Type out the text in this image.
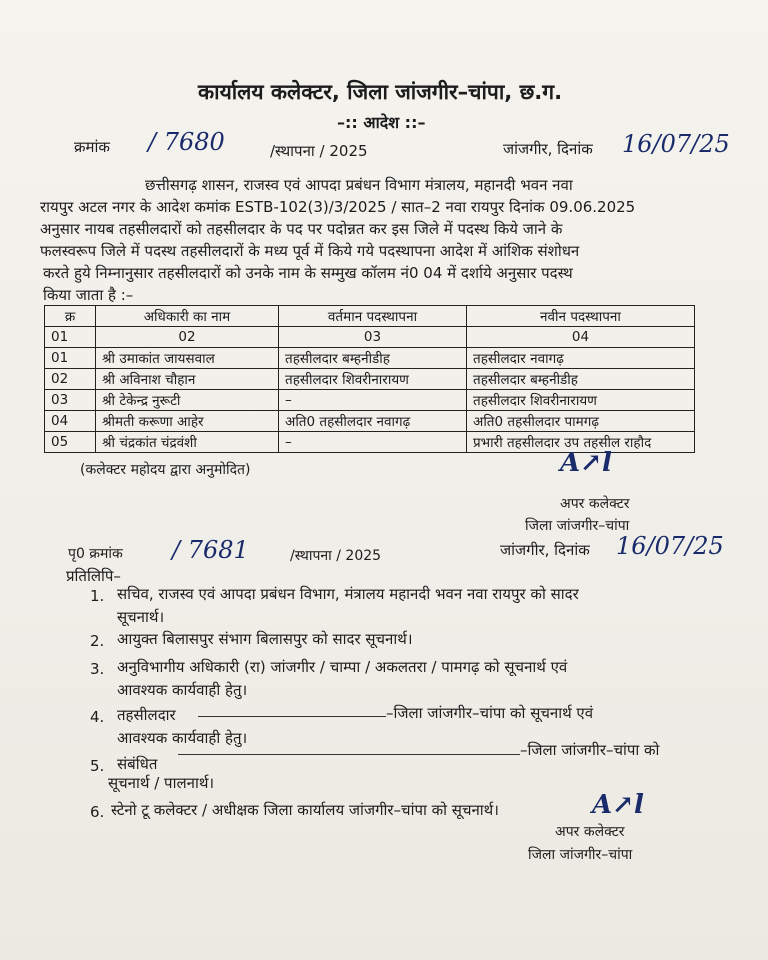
कार्यालय कलेक्टर, जिला जांजगीर–चांपा, छ.ग.
–:: आदेश ::–
क्रमांक / 7680	/स्थापना / 2025	जांजगीर, दिनांक 16/07/25
छत्तीसगढ़ शासन, राजस्व एवं आपदा प्रबंधन विभाग मंत्रालय, महानदी भवन नवा
रायपुर अटल नगर के आदेश कमांक ESTB-102(3)/3/2025 / सात–2 नवा रायपुर दिनांक 09.06.2025
अनुसार नायब तहसीलदारों को तहसीलदार के पद पर पदोन्नत कर इस जिले में पदस्थ किये जाने के
फलस्वरूप जिले में पदस्थ तहसीलदारों के मध्य पूर्व में किये गये पदस्थापना आदेश में आंशिक संशोधन
करते हुये निम्नानुसार तहसीलदारों को उनके नाम के सम्मुख कॉलम नं0 04 में दर्शाये अनुसार पदस्थ
किया जाता है :–
क्र	अधिकारी का नाम	वर्तमान पदस्थापना	नवीन पदस्थापना
01	02	03	04
01	श्री उमाकांत जायसवाल	तहसीलदार बम्हनीडीह	तहसीलदार नवागढ़
02	श्री अविनाश चौहान	तहसीलदार शिवरीनारायण	तहसीलदार बम्हनीडीह
03	श्री टेकेन्द्र नुरूटी	–	तहसीलदार शिवरीनारायण
04	श्रीमती करूणा आहेर	अति0 तहसीलदार नवागढ़	अति0 तहसीलदार पामगढ़
05	श्री चंद्रकांत चंद्रवंशी	–	प्रभारी तहसीलदार उप तहसील राहौद
(कलेक्टर महोदय द्वारा अनुमोदित)	A↗l
अपर कलेक्टर
जिला जांजगीर–चांपा
पृ0 क्रमांक / 7681	/स्थापना / 2025	जांजगीर, दिनांक 16/07/25
प्रतिलिपि–
1. सचिव, राजस्व एवं आपदा प्रबंधन विभाग, मंत्रालय महानदी भवन नवा रायपुर को सादर
सूचनार्थ।
2. आयुक्त बिलासपुर संभाग बिलासपुर को सादर सूचनार्थ।
3. अनुविभागीय अधिकारी (रा) जांजगीर / चाम्पा / अकलतरा / पामगढ़ को सूचनार्थ एवं
आवश्यक कार्यवाही हेतु।
4. तहसीलदार	–जिला जांजगीर–चांपा को सूचनार्थ एवं
आवश्यक कार्यवाही हेतु।
5. संबंधित
–जिला जांजगीर–चांपा को
सूचनार्थ / पालनार्थ।
6. स्टेनो टू कलेक्टर / अधीक्षक जिला कार्यालय जांजगीर–चांपा को सूचनार्थ।	A↗l
अपर कलेक्टर
जिला जांजगीर–चांपा
